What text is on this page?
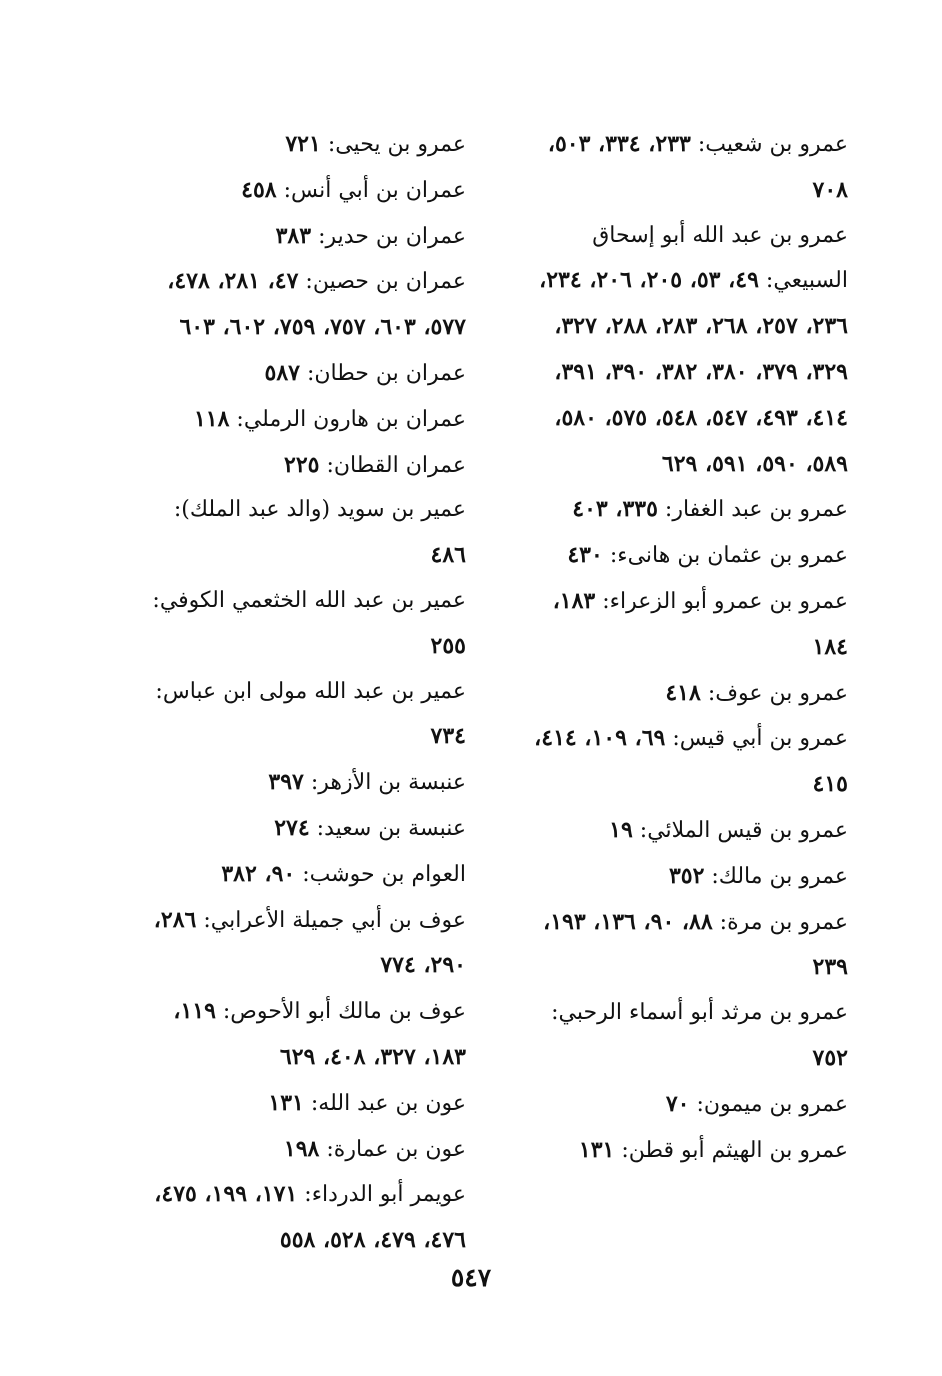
عمرو بن شعيب: ٢٣٣، ٣٣٤، ٥٠٣، ٧٠٨

عمرو بن عبد الله أبو إسحاق السبيعي: ٤٩، ٥٣، ٢٠٥، ٢٠٦، ٢٣٤، ٢٣٦، ٢٥٧، ٢٦٨، ٢٨٣، ٢٨٨، ٣٢٧، ٣٢٩، ٣٧٩، ٣٨٠، ٣٨٢، ٣٩٠، ٣٩١، ٤١٤، ٤٩٣، ٥٤٧، ٥٤٨، ٥٧٥، ٥٨٠، ٥٨٩، ٥٩٠، ٥٩١، ٦٢٩

عمرو بن عبد الغفار: ٣٣٥، ٤٠٣

عمرو بن عثمان بن هانىء: ٤٣٠

عمرو بن عمرو أبو الزعراء: ١٨٣، ١٨٤

عمرو بن عوف: ٤١٨

عمرو بن أبي قيس: ٦٩، ١٠٩، ٤١٤، ٤١٥

عمرو بن قيس الملائي: ١٩

عمرو بن مالك: ٣٥٢

عمرو بن مرة: ٨٨، ٩٠، ١٣٦، ١٩٣، ٢٣٩

عمرو بن مرثد أبو أسماء الرحبي: ٧٥٢

عمرو بن ميمون: ٧٠

عمرو بن الهيثم أبو قطن: ١٣١

عمرو بن يحيى: ٧٢١

عمران بن أبي أنس: ٤٥٨

عمران بن حدير: ٣٨٣

عمران بن حصين: ٤٧، ٢٨١، ٤٧٨، ٥٧٧، ٦٠٣، ٧٥٧، ٧٥٩، ٦٠٢، ٦٠٣

عمران بن حطان: ٥٨٧

عمران بن هارون الرملي: ١١٨

عمران القطان: ٢٢٥

عمير بن سويد (والد عبد الملك): ٤٨٦

عمير بن عبد الله الخثعمي الكوفي: ٢٥٥

عمير بن عبد الله مولى ابن عباس: ٧٣٤

عنبسة بن الأزهر: ٣٩٧

عنبسة بن سعيد: ٢٧٤

العوام بن حوشب: ٩٠، ٣٨٢

عوف بن أبي جميلة الأعرابي: ٢٨٦، ٢٩٠، ٧٧٤

عوف بن مالك أبو الأحوص: ١١٩، ١٨٣، ٣٢٧، ٤٠٨، ٦٢٩

عون بن عبد الله: ١٣١

عون بن عمارة: ١٩٨

عويمر أبو الدرداء: ١٧١، ١٩٩، ٤٧٥، ٤٧٦، ٤٧٩، ٥٢٨، ٥٥٨

٥٤٧
